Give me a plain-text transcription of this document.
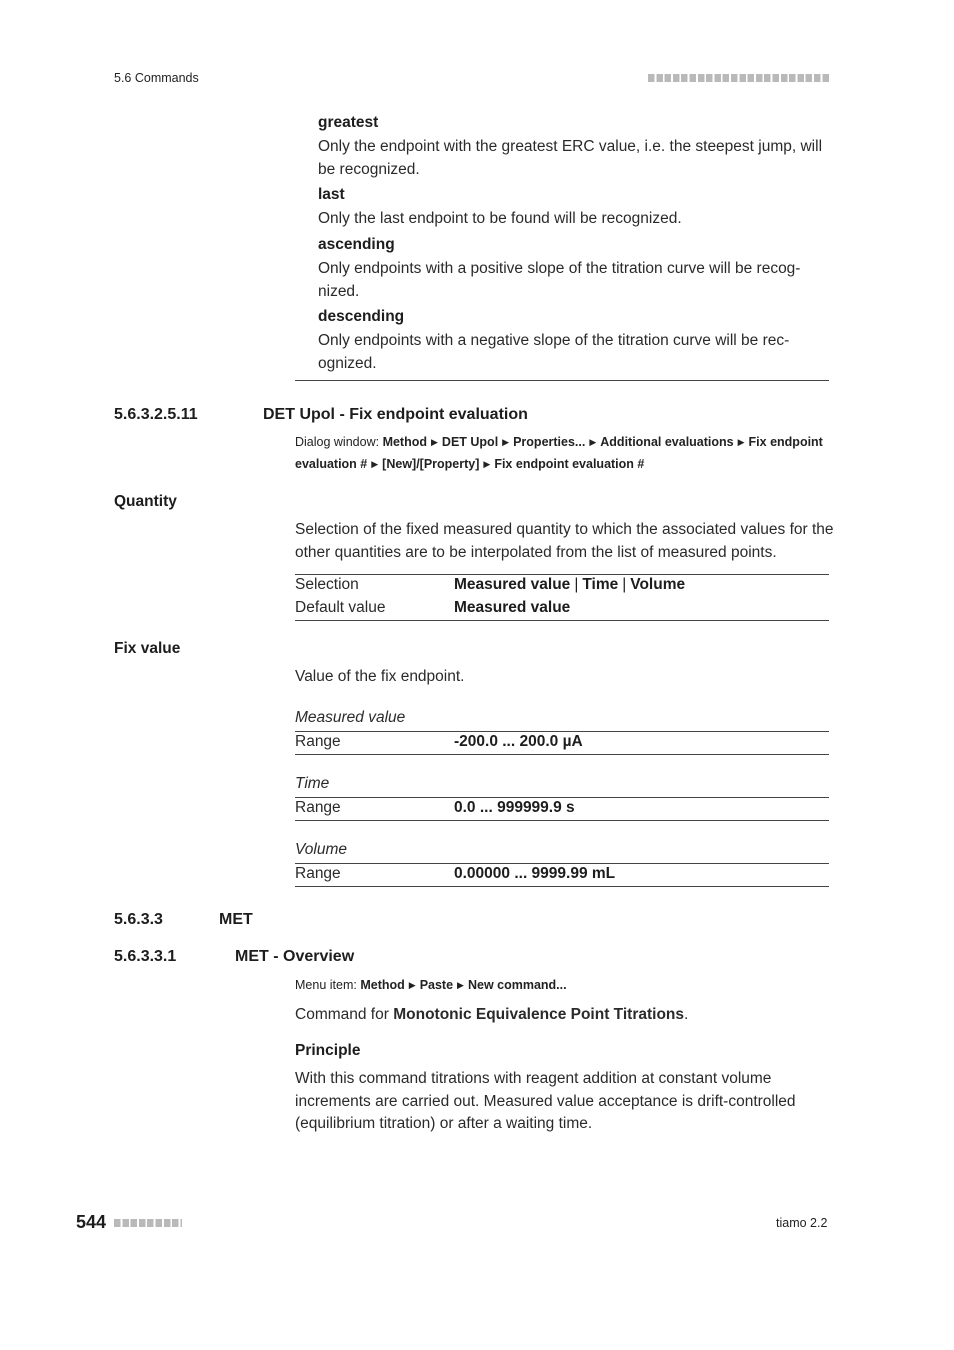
5.6 Commands
greatest
Only the endpoint with the greatest ERC value, i.e. the steepest jump, will be recognized.
last
Only the last endpoint to be found will be recognized.
ascending
Only endpoints with a positive slope of the titration curve will be recog-nized.
descending
Only endpoints with a negative slope of the titration curve will be rec-ognized.
5.6.3.2.5.11	DET Upol - Fix endpoint evaluation
Dialog window: Method ▶ DET Upol ▶ Properties... ▶ Additional evaluations ▶ Fix endpoint evaluation # ▶ [New]/[Property] ▶ Fix endpoint evaluation #
Quantity
Selection of the fixed measured quantity to which the associated values for the other quantities are to be interpolated from the list of measured points.
Selection	Measured value | Time | Volume
Default value	Measured value
Fix value
Value of the fix endpoint.
Measured value
Range	-200.0 ... 200.0 µA
Time
Range	0.0 ... 999999.9 s
Volume
Range	0.00000 ... 9999.99 mL
5.6.3.3	MET
5.6.3.3.1	MET - Overview
Menu item: Method ▶ Paste ▶ New command...
Command for Monotonic Equivalence Point Titrations.
Principle
With this command titrations with reagent addition at constant volume increments are carried out. Measured value acceptance is drift-controlled (equilibrium titration) or after a waiting time.
544	tiamo 2.2
